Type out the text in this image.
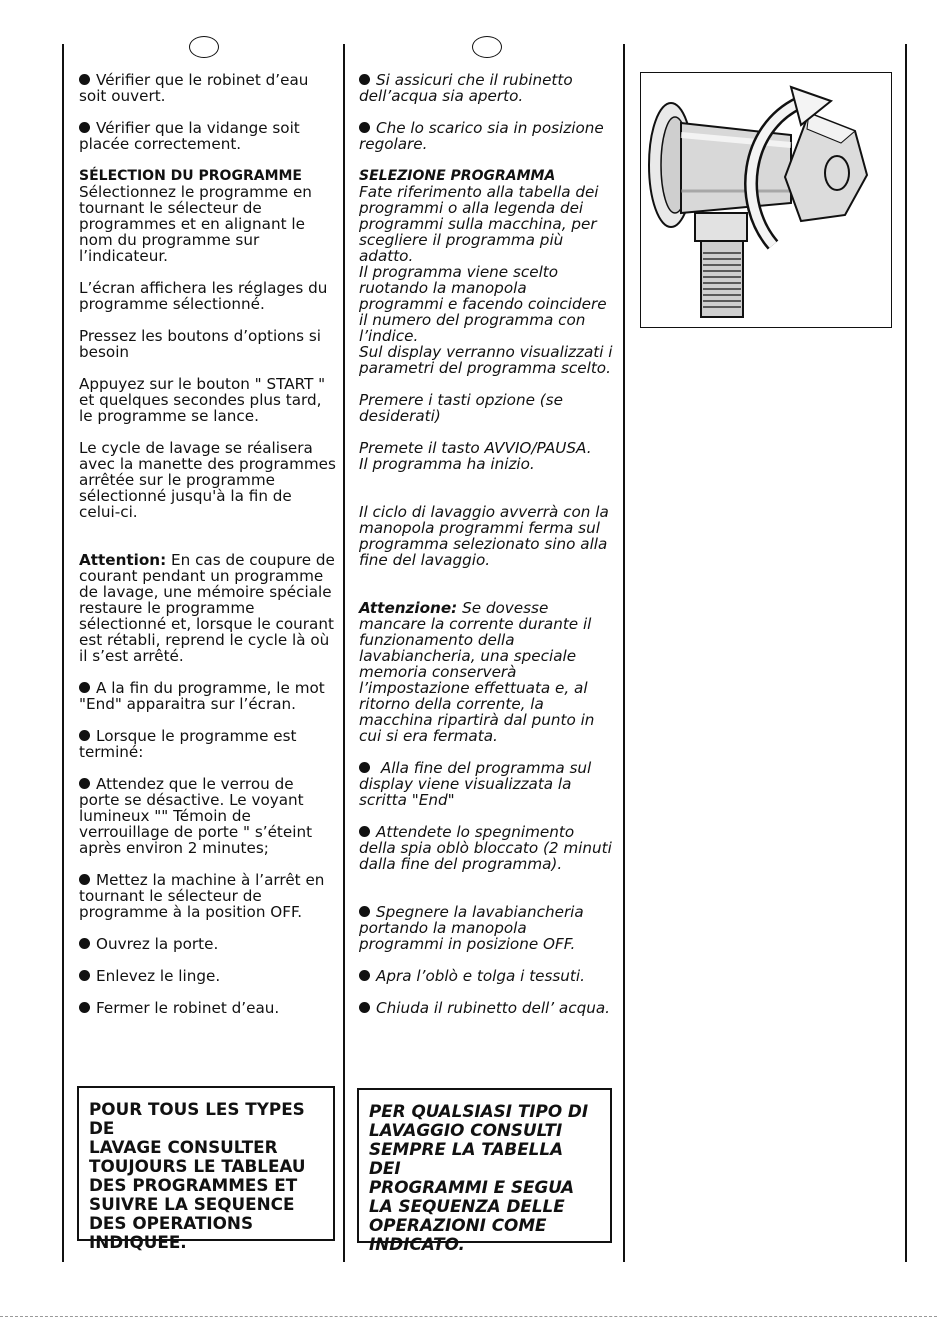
Vérifier que le robinet d’eau soit ouvert.

Vérifier que la vidange soit placée correctement.

SÉLECTION DU PROGRAMME

Sélectionnez le programme en tournant le sélecteur de programmes et en alignant le nom du programme sur l’indicateur.

L’écran affichera les réglages du programme sélectionné.

Pressez les boutons d’options si besoin

Appuyez sur le bouton " START " et quelques secondes plus tard, le programme se lance.

Le cycle de lavage se réalisera avec la manette des programmes arrêtée sur le programme sélectionné jusqu'à la fin de celui-ci.

Attention: En cas de coupure de courant pendant un programme de lavage, une mémoire spéciale restaure le programme sélectionné et, lorsque le courant est rétabli, reprend le cycle là où il s’est arrêté.

A la fin du programme, le mot "End" apparaitra sur l’écran.

Lorsque le programme est terminé:

Attendez que le verrou de porte se désactive. Le voyant lumineux "" Témoin de verrouillage de porte " s’éteint après environ 2 minutes;

Mettez la machine à l’arrêt en tournant le sélecteur de programme à la position OFF.

Ouvrez la porte.

Enlevez le linge.

Fermer le robinet d’eau.

POUR TOUS LES TYPES DE
LAVAGE CONSULTER
TOUJOURS LE TABLEAU
DES PROGRAMMES ET
SUIVRE LA SEQUENCE
DES OPERATIONS
INDIQUEE.

Si assicuri che il rubinetto dell’acqua sia aperto.

Che lo scarico sia in posizione regolare.

SELEZIONE PROGRAMMA
Fate riferimento alla tabella dei programmi o alla legenda dei programmi sulla macchina, per scegliere il programma più adatto.
Il programma viene scelto ruotando la manopola programmi e facendo coincidere il numero del programma con l’indice.

Sul display verranno visualizzati i parametri del programma scelto.

Premere i tasti opzione (se desiderati)

Premete il tasto AVVIO/PAUSA.

Il programma ha inizio.

Il ciclo di lavaggio avverrà con la manopola programmi ferma sul programma selezionato sino alla fine del lavaggio.

Attenzione: Se dovesse mancare la corrente durante il funzionamento della lavabiancheria, una speciale memoria conserverà l’impostazione effettuata e, al ritorno della corrente, la macchina ripartirà dal punto in cui si era fermata.

Alla fine del programma sul display viene visualizzata la scritta "End"

Attendete lo spegnimento della spia oblò bloccato (2 minuti dalla fine del programma).

Spegnere la lavabiancheria portando la manopola programmi in posizione OFF.

Apra l’oblò e tolga i tessuti.

Chiuda il rubinetto dell’ acqua.

PER QUALSIASI TIPO DI
LAVAGGIO CONSULTI
SEMPRE LA TABELLA DEI
PROGRAMMI E SEGUA
LA SEQUENZA DELLE
OPERAZIONI COME
INDICATO.
